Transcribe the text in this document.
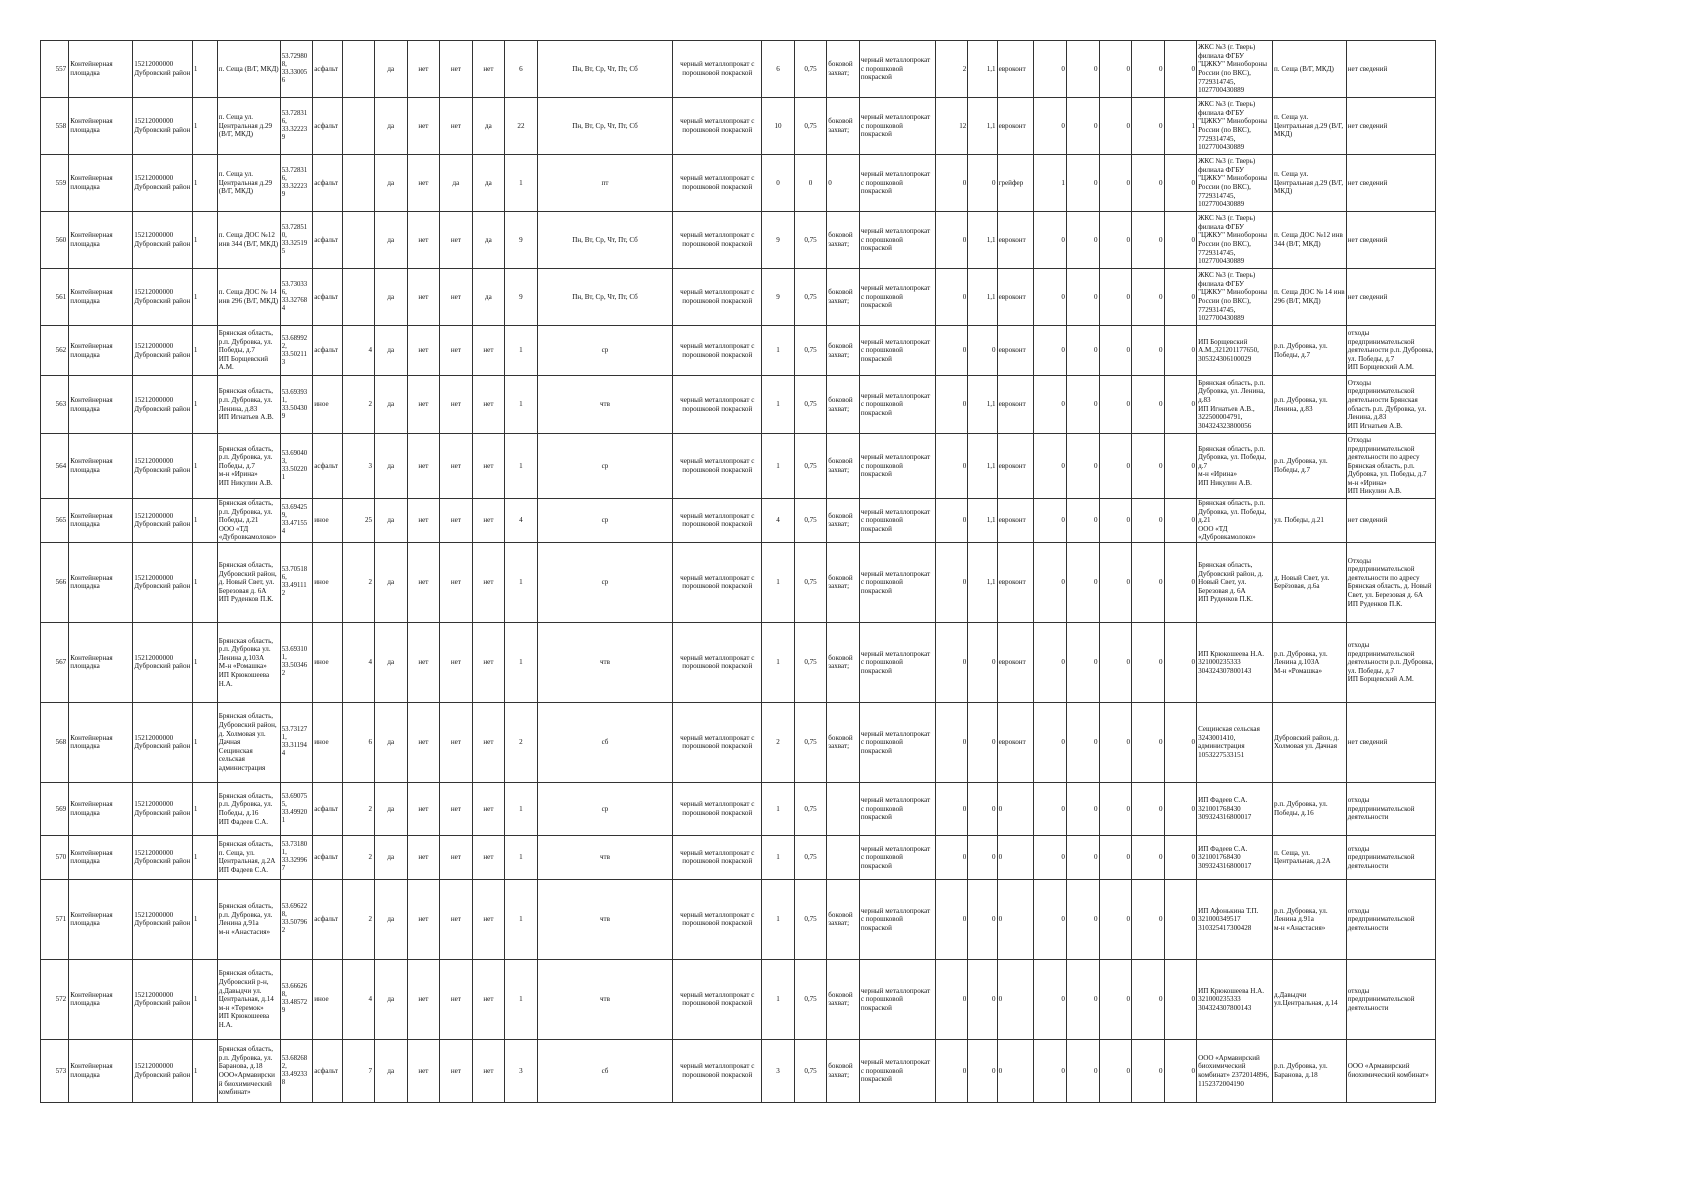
557	Контейнерная площадка	15212000000
Дубровский район	1	п. Сеща (В/Г, МКД)	53.72980
8,
33.33005
6	асфальт		да	нет	нет	нет	6	Пн, Вт, Ср, Чт, Пт, Сб	черный металлопрокат с порошковой покраской	6	0,75	боковой захват;	черный металлопрокат с порошковой покраской	2	1,1	евроконт	0	0	0	0	0	ЖКС №3 (г. Тверь) филиала ФГБУ "ЦЖКУ" Минобороны России (по ВКС), 7729314745, 1027700430889	п. Сеща (В/Г, МКД)	нет сведений
558	Контейнерная площадка	15212000000
Дубровский район	1	п. Сеща ул. Центральная д.29 (В/Г, МКД)	53.72831
6,
33.32223
9	асфальт		да	нет	нет	да	22	Пн, Вт, Ср, Чт, Пт, Сб	черный металлопрокат с порошковой покраской	10	0,75	боковой захват;	черный металлопрокат с порошковой покраской	12	1,1	евроконт	0	0	0	0	1	ЖКС №3 (г. Тверь) филиала ФГБУ "ЦЖКУ" Минобороны России (по ВКС), 7729314745, 1027700430889	п. Сеща ул. Центральная д.29 (В/Г, МКД)	нет сведений
559	Контейнерная площадка	15212000000
Дубровский район	1	п. Сеща ул. Центральная д.29 (В/Г, МКД)	53.72831
6,
33.32223
9	асфальт		да	нет	да	да	1	пт	черный металлопрокат с порошковой покраской	0	0	0	черный металлопрокат с порошковой покраской	0	0	грейфер	1	0	0	0	0	ЖКС №3 (г. Тверь) филиала ФГБУ "ЦЖКУ" Минобороны России (по ВКС), 7729314745, 1027700430889	п. Сеща ул. Центральная д.29 (В/Г, МКД)	нет сведений
560	Контейнерная площадка	15212000000
Дубровский район	1	п. Сеща ДОС №12 инв 344 (В/Г, МКД)	53.72851
0,
33.32519
5	асфальт		да	нет	нет	да	9	Пн, Вт, Ср, Чт, Пт, Сб	черный металлопрокат с порошковой покраской	9	0,75	боковой захват;	черный металлопрокат с порошковой покраской	0	1,1	евроконт	0	0	0	0	0	ЖКС №3 (г. Тверь) филиала ФГБУ "ЦЖКУ" Минобороны России (по ВКС), 7729314745, 1027700430889	п. Сеща ДОС №12 инв 344 (В/Г, МКД)	нет сведений
561	Контейнерная площадка	15212000000
Дубровский район	1	п. Сеща ДОС № 14 инв 296 (В/Г, МКД)	53.73033
6,
33.32768
4	асфальт		да	нет	нет	да	9	Пн, Вт, Ср, Чт, Пт, Сб	черный металлопрокат с порошковой покраской	9	0,75	боковой захват;	черный металлопрокат с порошковой покраской	0	1,1	евроконт	0	0	0	0	0	ЖКС №3 (г. Тверь) филиала ФГБУ "ЦЖКУ" Минобороны России (по ВКС), 7729314745, 1027700430889	п. Сеща ДОС № 14 инв 296 (В/Г, МКД)	нет сведений
562	Контейнерная площадка	15212000000
Дубровский район	1	Брянская область, р.п. Дубровка, ул. Победы, д.7
ИП Борщевский А.М.	53.68992
2,
33.50211
3	асфальт	4	да	нет	нет	нет	1	ср	черный металлопрокат с порошковой покраской	1	0,75	боковой захват;	черный металлопрокат с порошковой покраской	0	0	евроконт	0	0	0	0	0	ИП Борщевский А.М.,321201177650, 305324306100029	р.п. Дубровка, ул. Победы, д.7	отходы предпринимательской деятельности р.п. Дубровка, ул. Победы, д.7
ИП Борщевский А.М.
563	Контейнерная площадка	15212000000
Дубровский район	1	Брянская область, р.п. Дубровка, ул. Ленина, д.83
ИП Игнатьев А.В.	53.69393
1,
33.50430
9	иное	2	да	нет	нет	нет	1	чтв	черный металлопрокат с порошковой покраской	1	0,75	боковой захват;	черный металлопрокат с порошковой покраской	0	1,1	евроконт	0	0	0	0	0	Брянская область, р.п. Дубровка, ул. Ленина, д.83
ИП Игнатьев А.В., 322500004791, 304324323800056	р.п. Дубровка, ул. Ленина, д.83	Отходы предпринимательской деятельности Брянская область р.п. Дубровка, ул. Ленина, д.83
ИП Игнатьев А.В.
564	Контейнерная площадка	15212000000
Дубровский район	1	Брянская область, р.п. Дубровка, ул. Победы, д.7
м-н «Ирина»
ИП Никулин А.В.	53.69040
3,
33.50220
1	асфальт	3	да	нет	нет	нет	1	ср	черный металлопрокат с порошковой покраской	1	0,75	боковой захват;	черный металлопрокат с порошковой покраской	0	1,1	евроконт	0	0	0	0	0	Брянская область, р.п. Дубровка, ул. Победы, д.7
м-н «Ирина»
ИП Никулин А.В.	р.п. Дубровка, ул. Победы, д.7	Отходы предпринимательской деятельности по адресу Брянская область, р.п. Дубровка, ул. Победы, д.7
м-н «Ирина»
ИП Никулин А.В.
565	Контейнерная площадка	15212000000
Дубровский район	1	Брянская область, р.п. Дубровка, ул. Победы, д.21
ООО «ТД «Дубровкамолоко»	53.69425
9,
33.47155
4	иное	25	да	нет	нет	нет	4	ср	черный металлопрокат с порошковой покраской	4	0,75	боковой захват;	черный металлопрокат с порошковой покраской	0	1,1	евроконт	0	0	0	0	0	Брянская область, р.п. Дубровка, ул. Победы, д.21
ООО «ТД «Дубровкамолоко»	ул. Победы, д.21	нет сведений
566	Контейнерная площадка	15212000000
Дубровский район	1	Брянская область, Дубровский район, д. Новый Свет, ул. Березовая д. 6А
ИП Руденков П.К.	53.70518
6,
33.49111
2	иное	2	да	нет	нет	нет	1	ср	черный металлопрокат с порошковой покраской	1	0,75	боковой захват;	черный металлопрокат с порошковой покраской	0	1,1	евроконт	0	0	0	0	0	Брянская область, Дубровский район, д. Новый Свет, ул. Березовая д. 6А
ИП Руденков П.К.	д. Новый Свет, ул. Берёзовая, д.6а	Отходы предпринимательской деятельности по адресу Брянская область, д. Новый Свет, ул. Березовая д. 6А ИП Руденков П.К.
567	Контейнерная площадка	15212000000
Дубровский район	1	Брянская область, р.п. Дубровка ул. Ленина д.103А
М-н «Ромашка»
ИП Крюкошеева Н.А.	53.69310
1,
33.50346
2	иное	4	да	нет	нет	нет	1	чтв	черный металлопрокат с порошковой покраской	1	0,75	боковой захват;	черный металлопрокат с порошковой покраской	0	0	евроконт	0	0	0	0	0	ИП Крюкошеева Н.А. 321000235333 304324307800143	р.п. Дубровка, ул. Ленина д.103А
М-н «Ромашка»	отходы предпринимательской деятельности р.п. Дубровка, ул. Победы, д.7
ИП Борщевский А.М.
568	Контейнерная площадка	15212000000
Дубровский район	1	Брянская область, Дубровский район, д. Холмовая ул. Дачная
Сещинская сельская администрация	53.73127
1,
33.31194
4	иное	6	да	нет	нет	нет	2	сб	черный металлопрокат с порошковой покраской	2	0,75	боковой захват;	черный металлопрокат с порошковой покраской	0	0	евроконт	0	0	0	0	0	Сещинская сельская 3243001410, администрация 1053227533151	Дубровский район, д. Холмовая ул. Дачная	нет сведений
569	Контейнерная площадка	15212000000
Дубровский район	1	Брянская область, р.п. Дубровка, ул. Победы, д.16
ИП Фадеев С.А.	53.69075
5,
33.49920
1	асфальт	2	да	нет	нет	нет	1	ср	черный металлопрокат с порошковой покраской	1	0,75		черный металлопрокат с порошковой покраской	0	0	0	0	0	0	0	0	ИП Фадеев С.А. 321001768430 309324316800017	р.п. Дубровка, ул. Победы, д.16	отходы предпринимательской деятельности
570	Контейнерная площадка	15212000000
Дубровский район	1	Брянская область, п. Сеща, ул. Центральная, д.2А
ИП Фадеев С.А.	53.73180
1,
33.32996
7	асфальт	2	да	нет	нет	нет	1	чтв	черный металлопрокат с порошковой покраской	1	0,75		черный металлопрокат с порошковой покраской	0	0	0	0	0	0	0	0	ИП Фадеев С.А. 321001768430 309324316800017	п. Сеща, ул. Центральная, д.2А	отходы предпринимательской деятельности
571	Контейнерная площадка	15212000000
Дубровский район	1	Брянская область, р.п. Дубровка, ул. Ленина д.91а
м-н «Анастасия»	53.69622
8,
33.50796
2	асфальт	2	да	нет	нет	нет	1	чтв	черный металлопрокат с порошковой покраской	1	0,75	боковой захват;	черный металлопрокат с порошковой покраской	0	0	0	0	0	0	0	0	ИП Афонькина Т.П. 321000349517 310325417300428	р.п. Дубровка, ул. Ленина д.91а
м-н «Анастасия»	отходы предпринимательской деятельности
572	Контейнерная площадка	15212000000
Дубровский район	1	Брянская область, Дубровский р-н, д.Давыдчи ул. Центральная, д.14
м-н «Теремок»
ИП Крюкошеева Н.А.	53.66626
8,
33.48572
9	иное	4	да	нет	нет	нет	1	чтв	черный металлопрокат с порошковой покраской	1	0,75	боковой захват;	черный металлопрокат с порошковой покраской	0	0	0	0	0	0	0	0	ИП Крюкошеева Н.А. 321000235333 304324307800143	д.Давыдчи ул.Центральная, д.14	отходы предпринимательской деятельности
573	Контейнерная площадка	15212000000
Дубровский район	1	Брянская область, р.п. Дубровка, ул. Баранова, д.18
ООО«Армавирский биохимический комбинат»	53.68268
2,
33.49233
8	асфальт	7	да	нет	нет	нет	3	сб	черный металлопрокат с порошковой покраской	3	0,75	боковой захват;	черный металлопрокат с порошковой покраской	0	0	0	0	0	0	0	0	ООО «Армавирский биохимический комбинат» 2372014896, 1152372004190	р.п. Дубровка, ул. Баранова, д.18	ООО «Армавирский биохимический комбинат»
